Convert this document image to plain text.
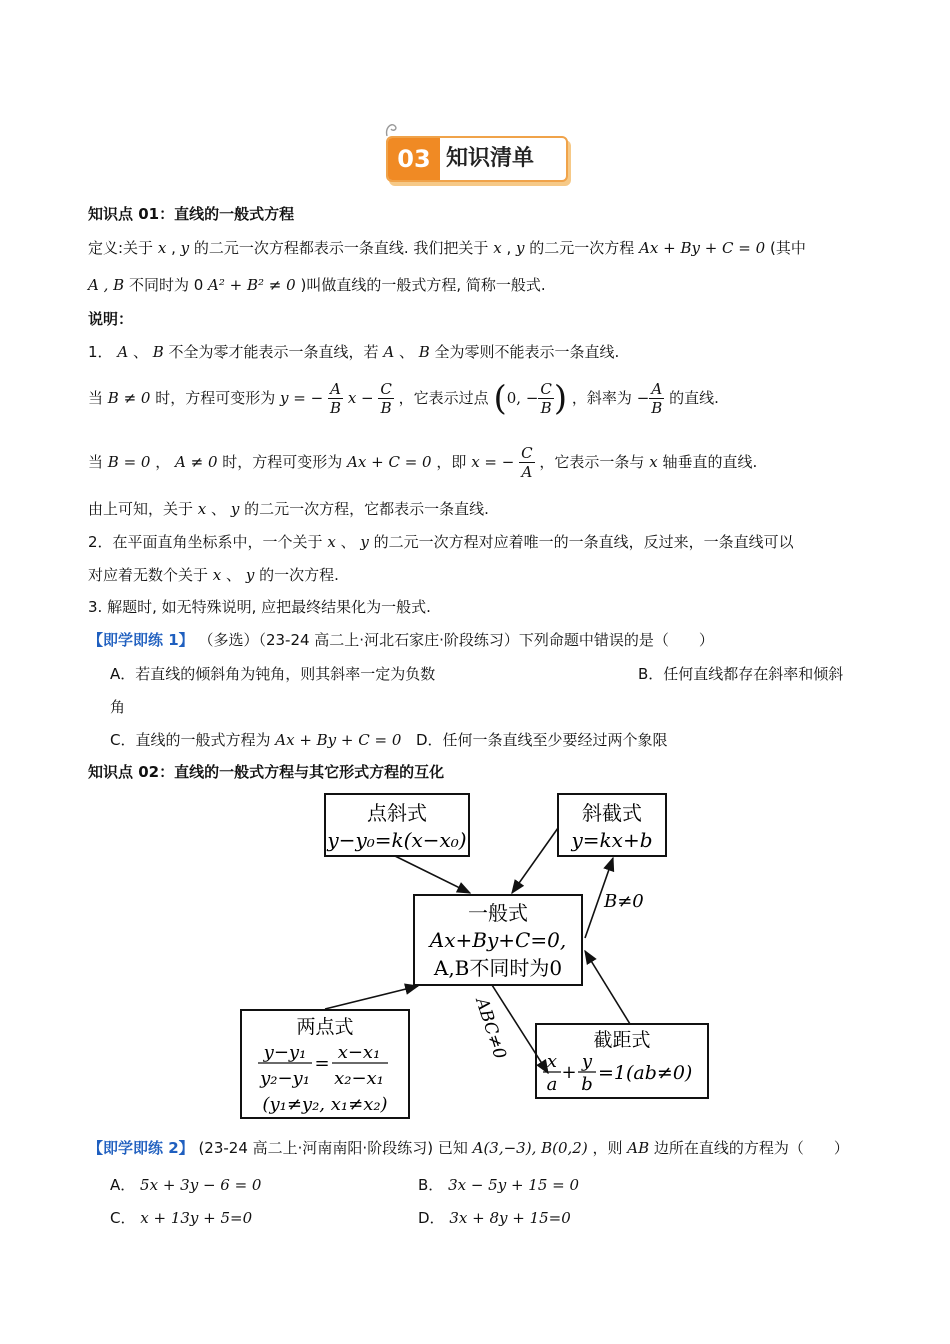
03 知识清单
知识点 01：直线的一般式方程
定义:关于 x , y 的二元一次方程都表示一条直线. 我们把关于 x , y 的二元一次方程 Ax + By + C = 0 (其中
A , B 不同时为 0 A² + B² ≠ 0 )叫做直线的一般式方程, 简称一般式.
说明：
1． A 、 B 不全为零才能表示一条直线，若 A 、 B 全为零则不能表示一条直线.
当 B ≠ 0 时，方程可变形为 y = − $\frac{A}{B}$ $x - \frac{C}{B}$ ，它表示过点 (0, − $\frac{C}{B}$ ) ，斜率为 − $\frac{A}{B}$ 的直线.
当 B = 0 ， A ≠ 0 时，方程可变形为 Ax + C = 0 ，即 x = − $\frac{C}{A}$ ，它表示一条与 x 轴垂直的直线.
由上可知，关于 x 、 y 的二元一次方程，它都表示一条直线.
2．在平面直角坐标系中，一个关于 x 、 y 的二元一次方程对应着唯一的一条直线，反过来，一条直线可以
对应着无数个关于 x 、 y 的一次方程.
3. 解题时, 如无特殊说明, 应把最终结果化为一般式.
【即学即练 1】 （多选）（23-24 高二上·河北石家庄·阶段练习）下列命题中错误的是（　　）
A．若直线的倾斜角为钝角，则其斜率一定为负数	B．任何直线都存在斜率和倾斜
角
C．直线的一般式方程为 Ax + By + C = 0 D．任何一条直线至少要经过两个象限
知识点 02：直线的一般式方程与其它形式方程的互化
点斜式
y−y₀=k(x−x₀)
斜截式
y=kx+b
一般式
Ax+By+C=0,
A,B不同时为0
两点式
y−y₁
y₂−y₁
=
x−x₁
x₂−x₁
(y₁≠y₂, x₁≠x₂)
截距式
x
a
+
y
b
=1(ab≠0)
B≠0
ABC≠0
【即学即练 2】 (23-24 高二上·河南南阳·阶段练习) 已知 A(3,−3), B(0,2) ，则 AB 边所在直线的方程为（　　）
A． 5x + 3y − 6 = 0	B． 3x − 5y + 15 = 0
C． x + 13y + 5=0	D． 3x + 8y + 15=0
